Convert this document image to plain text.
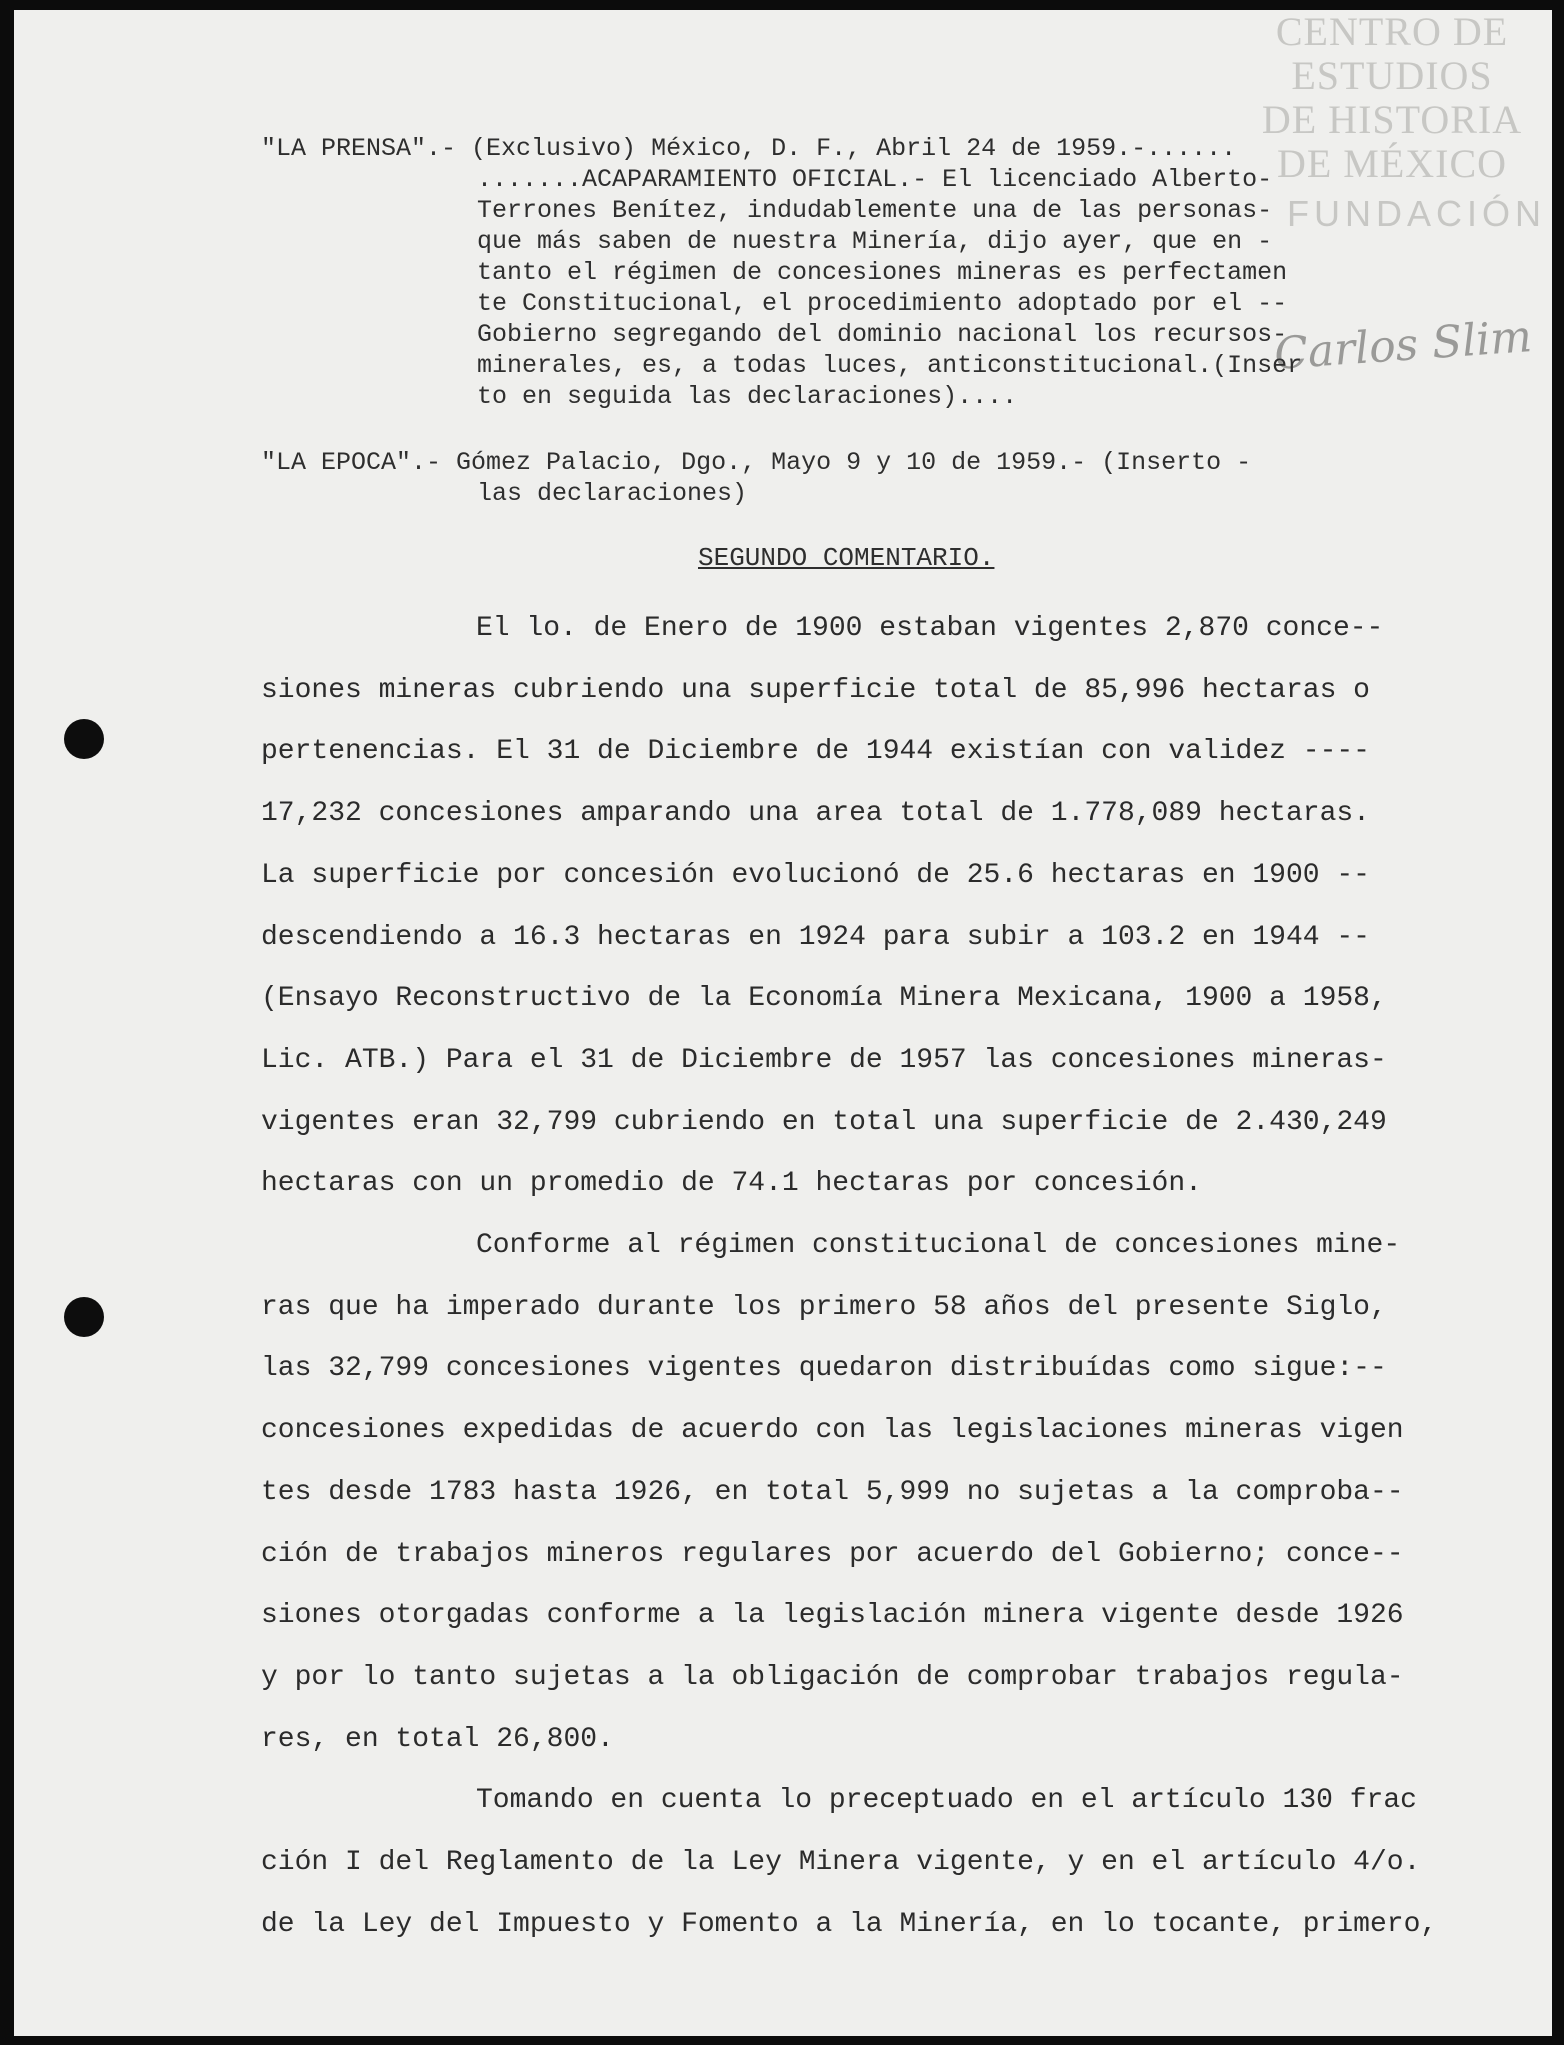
CENTRO DE
ESTUDIOS
DE HISTORIA
DE MÉXICO
FUNDACIÓN
Carlos Slim
"LA PRENSA".- (Exclusivo) México, D. F., Abril 24 de 1959.-......
.......ACAPARAMIENTO OFICIAL.- El licenciado Alberto-
Terrones Benítez, indudablemente una de las personas-
que más saben de nuestra Minería, dijo ayer, que en -
tanto el régimen de concesiones mineras es perfectamen
te Constitucional, el procedimiento adoptado por el --
Gobierno segregando del dominio nacional los recursos-
minerales, es, a todas luces, anticonstitucional.(Inser
to en seguida las declaraciones)....
"LA EPOCA".- Gómez Palacio, Dgo., Mayo 9 y 10 de 1959.- (Inserto -
las declaraciones)
SEGUNDO COMENTARIO.
El lo. de Enero de 1900 estaban vigentes 2,870 conce--
siones mineras cubriendo una superficie total de 85,996 hectaras o
pertenencias. El 31 de Diciembre de 1944 existían con validez ----
17,232 concesiones amparando una area total de 1.778,089 hectaras.
La superficie por concesión evolucionó de 25.6 hectaras en 1900 --
descendiendo a 16.3 hectaras en 1924 para subir a 103.2 en 1944 --
(Ensayo Reconstructivo de la Economía Minera Mexicana, 1900 a 1958,
Lic. ATB.) Para el 31 de Diciembre de 1957 las concesiones mineras-
vigentes eran 32,799 cubriendo en total una superficie de 2.430,249
hectaras con un promedio de 74.1 hectaras por concesión.
Conforme al régimen constitucional de concesiones mine-
ras que ha imperado durante los primero 58 años del presente Siglo,
las 32,799 concesiones vigentes quedaron distribuídas como sigue:--
concesiones expedidas de acuerdo con las legislaciones mineras vigen
tes desde 1783 hasta 1926, en total 5,999 no sujetas a la comproba--
ción de trabajos mineros regulares por acuerdo del Gobierno; conce--
siones otorgadas conforme a la legislación minera vigente desde 1926
y por lo tanto sujetas a la obligación de comprobar trabajos regula-
res, en total 26,800.
Tomando en cuenta lo preceptuado en el artículo 130 frac
ción I del Reglamento de la Ley Minera vigente, y en el artículo 4/o.
de la Ley del Impuesto y Fomento a la Minería, en lo tocante, primero,
